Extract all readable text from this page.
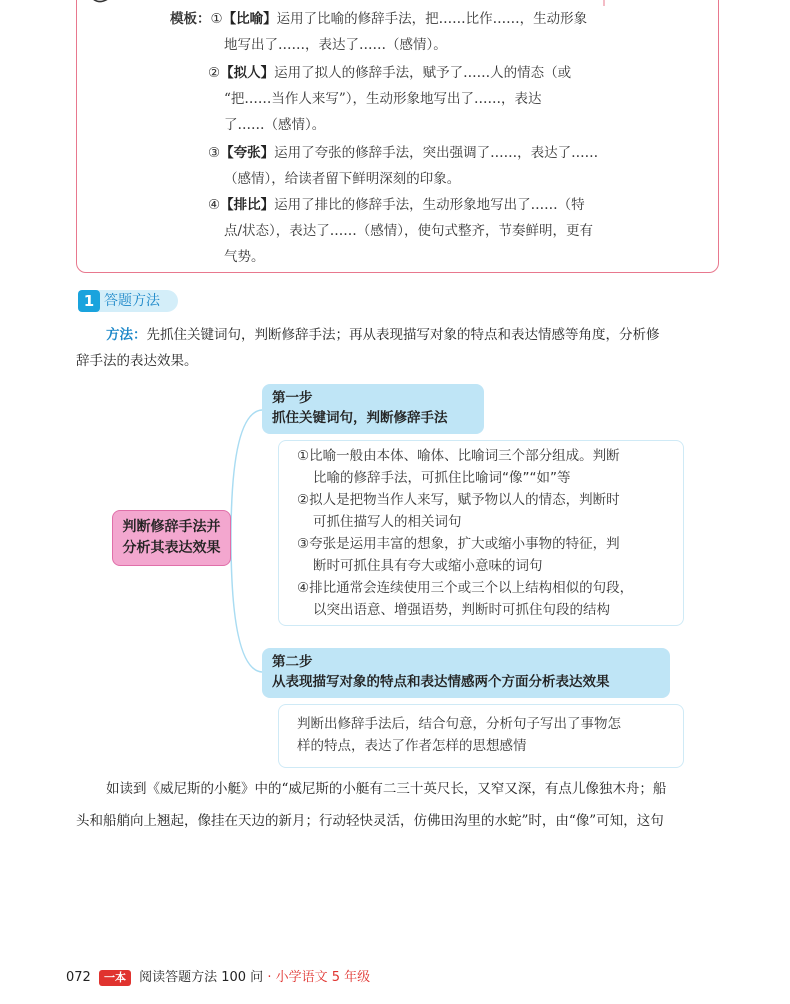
模板：①【比喻】运用了比喻的修辞手法，把……比作……，生动形象
地写出了……，表达了……（感情）。
②【拟人】运用了拟人的修辞手法，赋予了……人的情态（或
“把……当作人来写”），生动形象地写出了……，表达
了……（感情）。
③【夸张】运用了夸张的修辞手法，突出强调了……，表达了……
（感情），给读者留下鲜明深刻的印象。
④【排比】运用了排比的修辞手法，生动形象地写出了……（特
点/状态），表达了……（感情），使句式整齐，节奏鲜明，更有
气势。
1 答题方法
方法：先抓住关键词句，判断修辞手法；再从表现描写对象的特点和表达情感等角度，分析修
辞手法的表达效果。
判断修辞手法并
分析其表达效果
第一步
抓住关键词句，判断修辞手法
①比喻一般由本体、喻体、比喻词三个部分组成。判断
比喻的修辞手法，可抓住比喻词“像”“如”等
②拟人是把物当作人来写，赋予物以人的情态，判断时
可抓住描写人的相关词句
③夸张是运用丰富的想象，扩大或缩小事物的特征，判
断时可抓住具有夸大或缩小意味的词句
④排比通常会连续使用三个或三个以上结构相似的句段，
以突出语意、增强语势，判断时可抓住句段的结构
第二步
从表现描写对象的特点和表达情感两个方面分析表达效果
判断出修辞手法后，结合句意，分析句子写出了事物怎
样的特点，表达了作者怎样的思想感情
如读到《威尼斯的小艇》中的“威尼斯的小艇有二三十英尺长，又窄又深，有点儿像独木舟；船
头和船艄向上翘起，像挂在天边的新月；行动轻快灵活，仿佛田沟里的水蛇”时，由“像”可知，这句
072 一本 阅读答题方法 100 问 · 小学语文 5 年级
